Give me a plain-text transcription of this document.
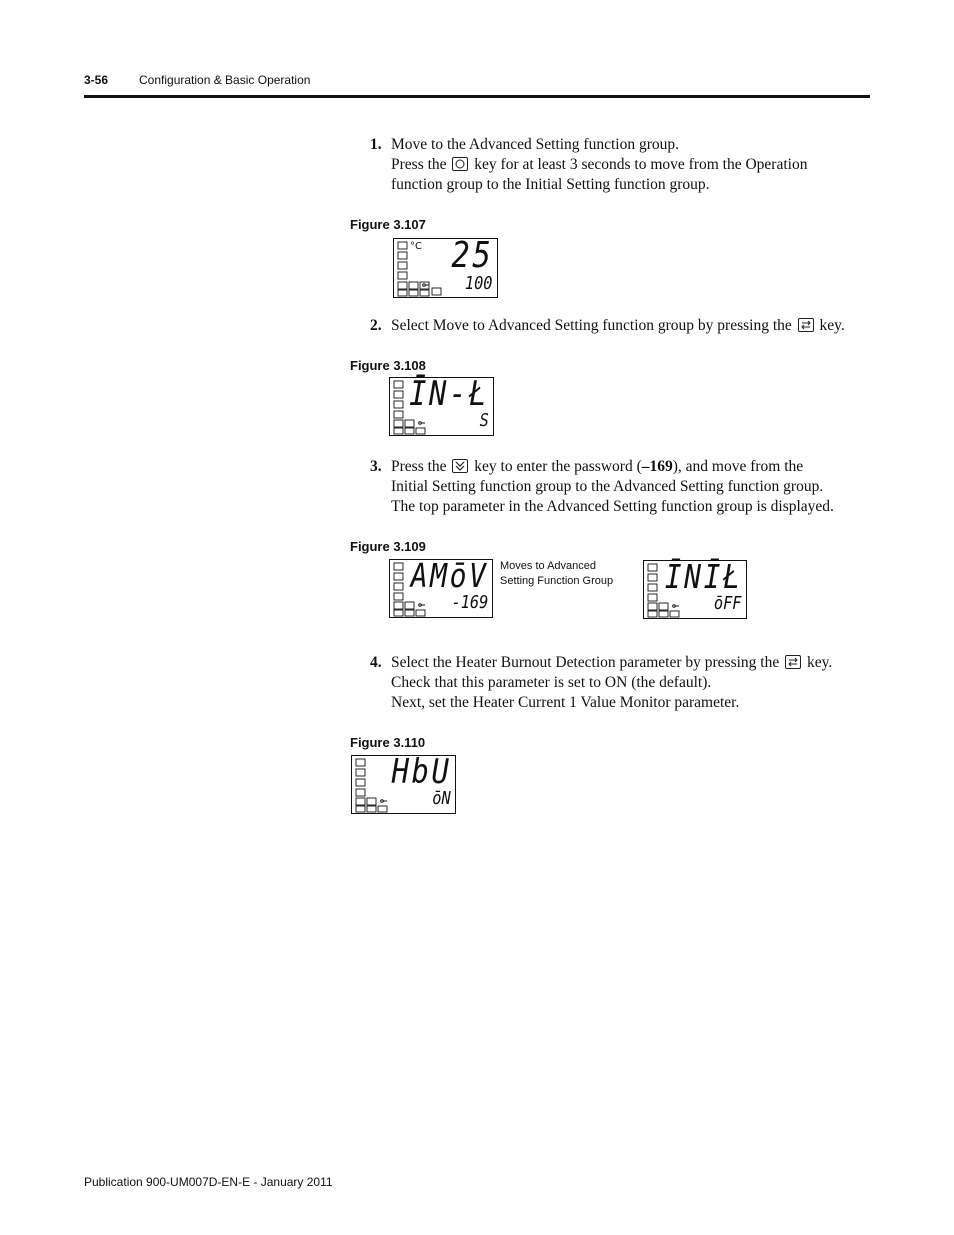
3-56	Configuration & Basic Operation
1. Move to the Advanced Setting function group.
Press the
key for at least 3 seconds to move from the Operation
function group to the Initial Setting function group.
Figure 3.107
°C 25
100
2. Select Move to Advanced Setting function group by pressing the
key.
Figure 3.108
ĪN-Ł
S
3. Press the
key to enter the password (–169), and move from the
Initial Setting function group to the Advanced Setting function group.
The top parameter in the Advanced Setting function group is displayed.
Figure 3.109
AMōV
-169
Moves to Advanced
Setting Function Group ĪNĪŁ
ōFF
4. Select the Heater Burnout Detection parameter by pressing the
key.
Check that this parameter is set to ON (the default).
Next, set the Heater Current 1 Value Monitor parameter.
Figure 3.110
HbU
ōN
Publication 900-UM007D-EN-E - January 2011
